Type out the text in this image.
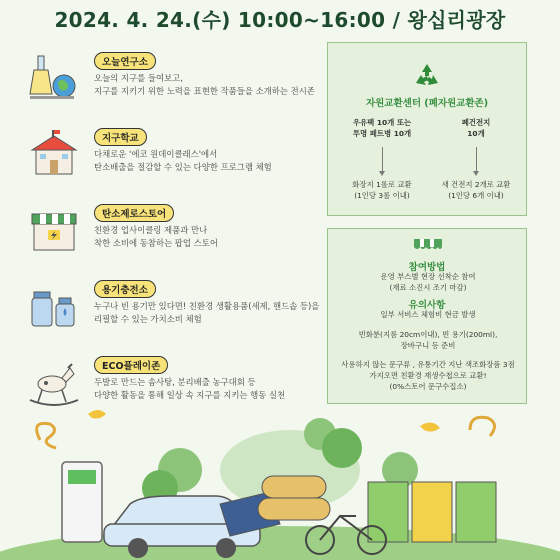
2024. 4. 24.(수) 10:00~16:00 / 왕십리광장
오늘연구소
오늘의 지구를 들여보고,
지구를 지키기 위한 노력을 표현한 작품들을 소개하는 전시존
지구학교
다채로운 '에코 원데이클래스'에서
탄소배출을 절감할 수 있는 다양한 프로그램 체험
탄소제로스토어
친환경 업사이클링 제품과 만나
착한 소비에 동참하는 팝업 스토어
용기충전소
누구나 빈 용기만 있다면! 친환경 생활용품(세제, 핸드솝 등)을
리필할 수 있는 가치소비 체험
ECO플레이존
두발로 만드는 솜사탕, 분리배출 농구대회 등
다양한 활동을 통해 일상 속 지구를 지키는 행동 실천
자원교환센터 (폐자원교환존)
우유팩 10개 또는
투명 페트병 10개
폐건전지
10개
화장지 1롤로 교환
(1인당 3롤 이내)
새 건전지 2개로 교환
(1인당 6개 이내)
참여방법
운영 부스별 현장 선착순 참여
(재료 소진시 조기 마감)
유의사항
일부 서비스 체험비 현금 발생
빈화분(지름 20cm이내), 빈 용기(200ml),
장바구니 등 준비
사용하지 않는 문구류 , 유통기간 지난 색조화장품 3점
가지오면 친환경 재생수첩으로 교환!
(0%스토어 문구수집소)
